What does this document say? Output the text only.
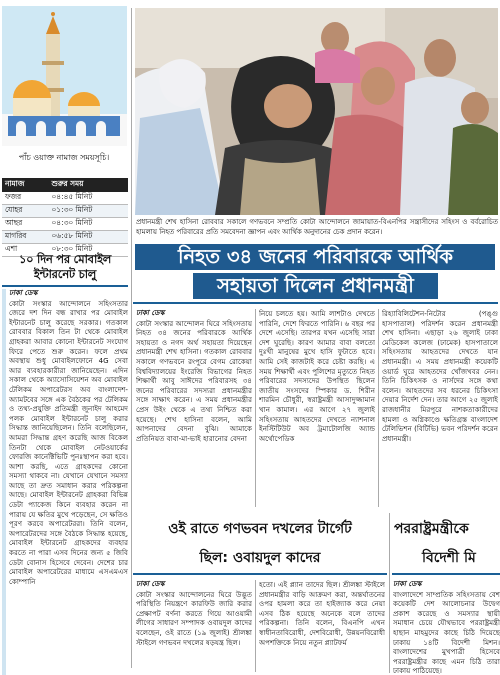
পাঁচ ওয়াক্ত নামাজ সময়সূচি।
নামাজ	শুরুর সময়
ফজর	০৪:৪৫ মিনিট
যোহর	০১:৩০ মিনিট
আছর	০৪:৩০ মিনিট
মাগরিব	০৬:৫৮ মিনিট
এশা	০৮:৩০ মিনিট
১০ দিন পর মোবাইল
ইন্টারনেট চালু
ঢাকা ডেস্ক
কোটা সংস্কার আন্দোলনে সহিংসতার জেরে দশ দিন বন্ধ রাখার পর মোবাইল ইন্টারনেট চালু করেছে সরকার। গতকাল রোববার বিকাল তিন টা থেকে মোবাইল গ্রাহকরা আবার কোনো ইন্টারনেট সংযোগ ফিরে পেতে শুরু করেন। ফলে প্রথম অবস্থায় শুধু মোবাইলফোনে 4G সেবা আর ব্যবহারকারীরা জানিয়েছেন। এদিন সকাল থেকে অ্যাসোসিয়েশন অব মোবাইল টেলিকম অপারেটরস অব বাংলাদেশ-অ্যামটবের সঙ্গে এক বৈঠকের পর টেলিকম ও তথ্য-প্রযুক্তি প্রতিমন্ত্রী জুনাইদ আহমেদ পলক মোবাইল ইন্টারনেট চালু করার সিদ্ধান্ত জানিয়েছিলেন। তিনি বলেছিলেন, আমরা সিদ্ধান্ত গ্রহণ করেছি আজ বিকেল তিনটা থেকে মোবাইল নেটওয়ার্কের ফোরজি কানেক্টিভিটি পুনঃস্থাপন করা হবে। আশা করছি, এতে গ্রাহকদের কোনো সমস্যা থাকবে না। যেখানে যেখানে সমস্যা আছে তা দ্রুত সমাধান করার পরিকল্পনা আছে। মোবাইল ইন্টারনেট গ্রাহকরা বিভিন্ন ডেটা প্যাকেজ কিনে ব্যবহার করেন না পারায় যে ক্ষতির মুখে পড়েছেন, সে ক্ষতিও পূরণ করবে অপারেটররা। তিনি বলেন, অপারেটরদের সঙ্গে বৈঠকে সিদ্ধান্ত হয়েছে, মোবাইল ইন্টারনেট গ্রাহকদের ব্যবহার করতে না পারা এসব দিনের জন্য ৫ জিবি ডেটা বোনাস হিসেবে দেবেন। দেশের চার মোবাইল অপারেটরের মাধ্যমে এসএমএস কোম্পানি
প্রধানমন্ত্রী শেখ হাসিনা রোববার সকালে গণভবনে সম্প্রতি কোটা আন্দোলনে জামায়াত-বিএনপির সন্ত্রাসীদের সহিংস ও বর্বরোচিত হামলায় নিহত পরিবারের প্রতি সমবেদনা জ্ঞাপন এবং আর্থিক অনুদানের চেক প্রদান করেন।
নিহত ৩৪ জনের পরিবারকে আর্থিক
সহায়তা দিলেন প্রধানমন্ত্রী
ঢাকা ডেস্ক
কোটা সংস্কার আন্দোলন ঘিরে সহিংসতায় নিহত ৩৪ জনের পরিবারকে আর্থিক সহায়তা ও নগদ অর্থ সহায়তা দিয়েছেন প্রধানমন্ত্রী শেখ হাসিনা। গতকাল রোববার সকালে গণভবনে রংপুরে বেগম রোকেয়া বিশ্ববিদ্যালয়ের ইংরেজি বিভাগের নিহত শিক্ষার্থী আবু সাঈদের পরিবারসহ ৩৪ জনের পরিবারের সদস্যরা প্রধানমন্ত্রীর সঙ্গে সাক্ষাৎ করেন। এ সময় প্রধানমন্ত্রীর প্রেস উইং থেকে এ তথ্য নিশ্চিত করা হয়েছে। শেখ হাসিনা বলেন, আমি আপনাদের বেদনা বুঝি। আমাকে প্রতিনিয়ত বাবা-মা-ভাই হারানোর বেদনা
নিয়ে চলতে হয়। আমি লাশটাও দেখতে পারিনি, দেশে ফিরতে পারিনি। ৬ বছর পর দেশে এসেছি। তারপর যখন এসেছি সারা দেশ ঘুরেছি। কারণ আমার বাবা বলতো দুঃখী মানুষের মুখে হাসি ফুটাতে হবে। আমি সেই কাজটাই করে চেষ্টা করছি। এ সময় শিক্ষার্থী এবং পুলিশের মৃত্যুতে নিহত পরিবারের সদস্যদের উপস্থিত ছিলেন জাতীয় সংসদের স্পিকার ড. শিরীন শারমিন চৌধুরী, স্বরাষ্ট্রমন্ত্রী আসাদুজ্জামান খান কামাল। এর আগে ২৭ জুলাই সহিংসতায় আহতদের দেখতে ন্যাশনাল ইনস্টিটিউট অব ট্রমাটোলজি অ্যান্ড অর্থোপেডিক
রিহ্যাবিলিটেশন-নিটোর (পঙ্গু হাসপাতাল) পরিদর্শন করেন প্রধানমন্ত্রী শেখ হাসিনা। এছাড়া ২৬ জুলাই ঢাকা মেডিকেল কলেজ (ঢামেক) হাসপাতালে সহিংসতায় আহতদের দেখতে যান প্রধানমন্ত্রী। এ সময় প্রধানমন্ত্রী কয়েকটি ওয়ার্ড ঘুরে আহতদের খোঁজখবর নেন। তিনি চিকিৎসক ও নার্সদের সঙ্গে কথা বলেন। আহতদের সব ধরনের চিকিৎসা দেয়ার নির্দেশ দেন। তার আগে ২৫ জুলাই রাজধানীর মিরপুরে নাশকতাকারীদের হামলা ও অগ্নিকাণ্ডে ক্ষতিগ্রস্ত বাংলাদেশ টেলিভিশন (বিটিভি) ভবন পরিদর্শন করেন প্রধানমন্ত্রী।
ওই রাতে গণভবন দখলের টার্গেট
ছিল: ওবায়দুল কাদের
ঢাকা ডেস্ক
কোটা সংস্কার আন্দোলনের ঘিরে উদ্ভূত পরিস্থিতি নিয়ন্ত্রণে কারফিউ জারি করার প্রেক্ষাপট বর্ণনা করতে গিয়ে আওয়ামী লীগের সাধারণ সম্পাদক ওবায়দুল কাদের বলেছেন, ওই রাতে (১৯ জুলাই) শ্রীলঙ্কা স্টাইলে গণভবন দখলের ষড়যন্ত্র ছিল।
হতো। এই প্ল্যান তাদের ছিল। শ্রীলঙ্কা স্টাইলে প্রধানমন্ত্রীর বাড়ি আক্রমণ করা, অন্তর্ঘাতনের ওপর হামলা করে তা হাইজ্যাক করে নেয়া এসব ঠিক হয়েছে অনেকে বলে তাদের পরিকল্পনা। তিনি বলেন, বিএনপি এখন স্বাধীনতাবিরোধী, দেশবিরোধী, উন্নয়নবিরোধী অপশক্তিকে নিয়ে নতুন প্ল্যাটফর্ম
পররাষ্ট্রমন্ত্রীকে
বিদেশী মি
ঢাকা ডেস্ক
বাংলাদেশে সাম্প্রতিক সহিংসতায় বেশ কয়েকটি দেশ আলোচনার উদ্বেগ প্রকাশ করেছে ও সমস্যার স্থায়ী সমাধান চেয়ে যৌথভাবে পররাষ্ট্রমন্ত্রী হাছান মাহমুদের কাছে চিঠি দিয়েছে ঢাকায় ১৪টি বিদেশী মিশন। বাংলাদেশের মুখপাত্রী হিসেবে পররাষ্ট্রমন্ত্রীর কাছে এমন চিঠি তারা ঢাকায় পাঠিয়েছে।
